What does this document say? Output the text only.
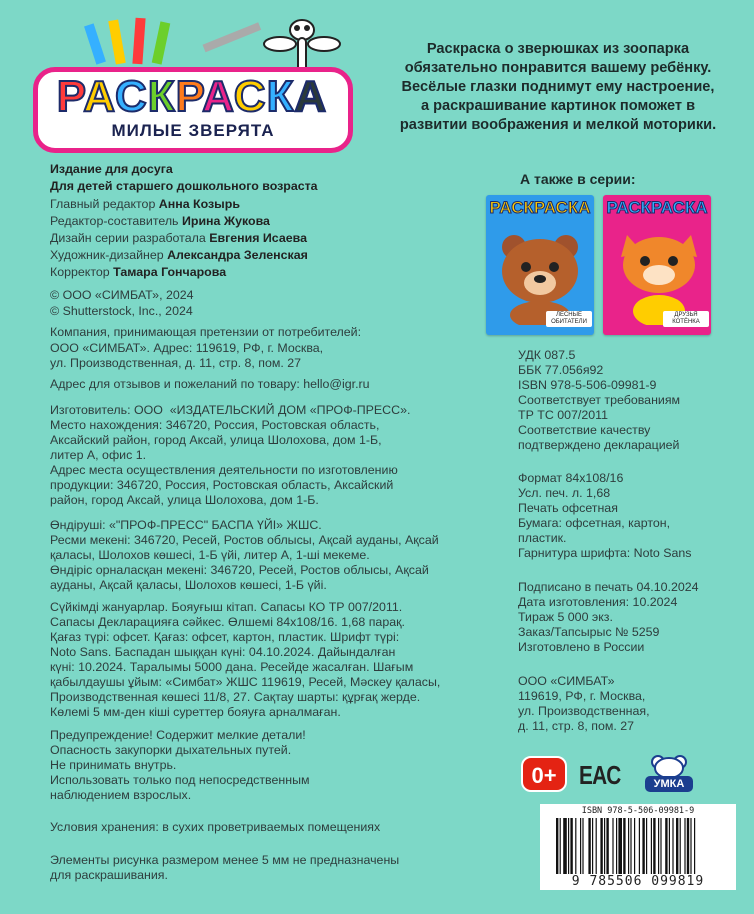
РАСКРАСКА
МИЛЫЕ ЗВЕРЯТА
Раскраска о зверюшках из зоопарка обязательно понравится вашему ребёнку. Весёлые глазки поднимут ему настроение, а раскрашивание картинок поможет в развитии воображения и мелкой моторики.
А также в серии:
РАСКРАСКА
ЛЕСНЫЕ ОБИТАТЕЛИ
РАСКРАСКА
ДРУЗЬЯ КОТЁНКА
Издание для досуга
Для детей старшего дошкольного возраста
Главный редактор Анна Козырь
Редактор-составитель Ирина Жукова
Дизайн серии разработала Евгения Исаева
Художник-дизайнер Александра Зеленская
Корректор Тамара Гончарова
© ООО «СИМБАТ», 2024
© Shutterstock, Inc., 2024
Компания, принимающая претензии от потребителей:
ООО «СИМБАТ». Адрес: 119619, РФ, г. Москва,
ул. Производственная, д. 11, стр. 8, пом. 27
Адрес для отзывов и пожеланий по товару: hello@igr.ru
Изготовитель: ООО  «ИЗДАТЕЛЬСКИЙ ДОМ «ПРОФ-ПРЕСС».
Место нахождения: 346720, Россия, Ростовская область,
Аксайский район, город Аксай, улица Шолохова, дом 1-Б,
литер А, офис 1.
Адрес места осуществления деятельности по изготовлению
продукции: 346720, Россия, Ростовская область, Аксайский
район, город Аксай, улица Шолохова, дом 1-Б.
Өндіруші: «"ПРОФ-ПРЕСС" БАСПА ҮЙІ» ЖШС.
Ресми мекені: 346720, Ресей, Ростов облысы, Ақсай ауданы, Ақсай
қаласы, Шолохов көшесі, 1-Б үйі, литер А, 1-ші мекеме.
Өндіріс орналасқан мекені: 346720, Ресей, Ростов облысы, Ақсай
ауданы, Ақсай қаласы, Шолохов көшесі, 1-Б үйі.
Сүйкімді жануарлар. Бояуғыш кітап. Сапасы КО ТР 007/2011.
Сапасы Декларацияға сәйкес. Өлшемі 84х108/16. 1,68 парақ.
Қағаз түрі: офсет. Қағаз: офсет, картон, пластик. Шрифт түрі:
Noto Sans. Баспадан шыққан күні: 04.10.2024. Дайындалған
күні: 10.2024. Таралымы 5000 дана. Ресейде жасалған. Шағым
қабылдаушы ұйым: «Симбат» ЖШС 119619, Ресей, Мәскеу қаласы,
Производственная көшесі 11/8, 27. Сақтау шарты: құрғақ жерде.
Көлемі 5 мм-ден кіші суреттер бояуға арналмаған.
Предупреждение! Содержит мелкие детали!
Опасность закупорки дыхательных путей.
Не принимать внутрь.
Использовать только под непосредственным
наблюдением взрослых.
Условия хранения: в сухих проветриваемых помещениях
Элементы рисунка размером менее 5 мм не предназначены
для раскрашивания.
УДК 087.5
ББК 77.056я92
ISBN 978-5-506-09981-9
Соответствует требованиям
ТР ТС 007/2011
Соответствие качеству
подтверждено декларацией
Формат 84х108/16
Усл. печ. л. 1,68
Печать офсетная
Бумага: офсетная, картон,
пластик.
Гарнитура шрифта: Noto Sans
Подписано в печать 04.10.2024
Дата изготовления: 10.2024
Тираж 5 000 экз.
Заказ/Тапсырыс № 5259
Изготовлено в России
ООО «СИМБАТ»
119619, РФ, г. Москва,
ул. Производственная,
д. 11, стр. 8, пом. 27
0+ EAC	УМКА
ISBN 978-5-506-09981-9
9 785506 099819
